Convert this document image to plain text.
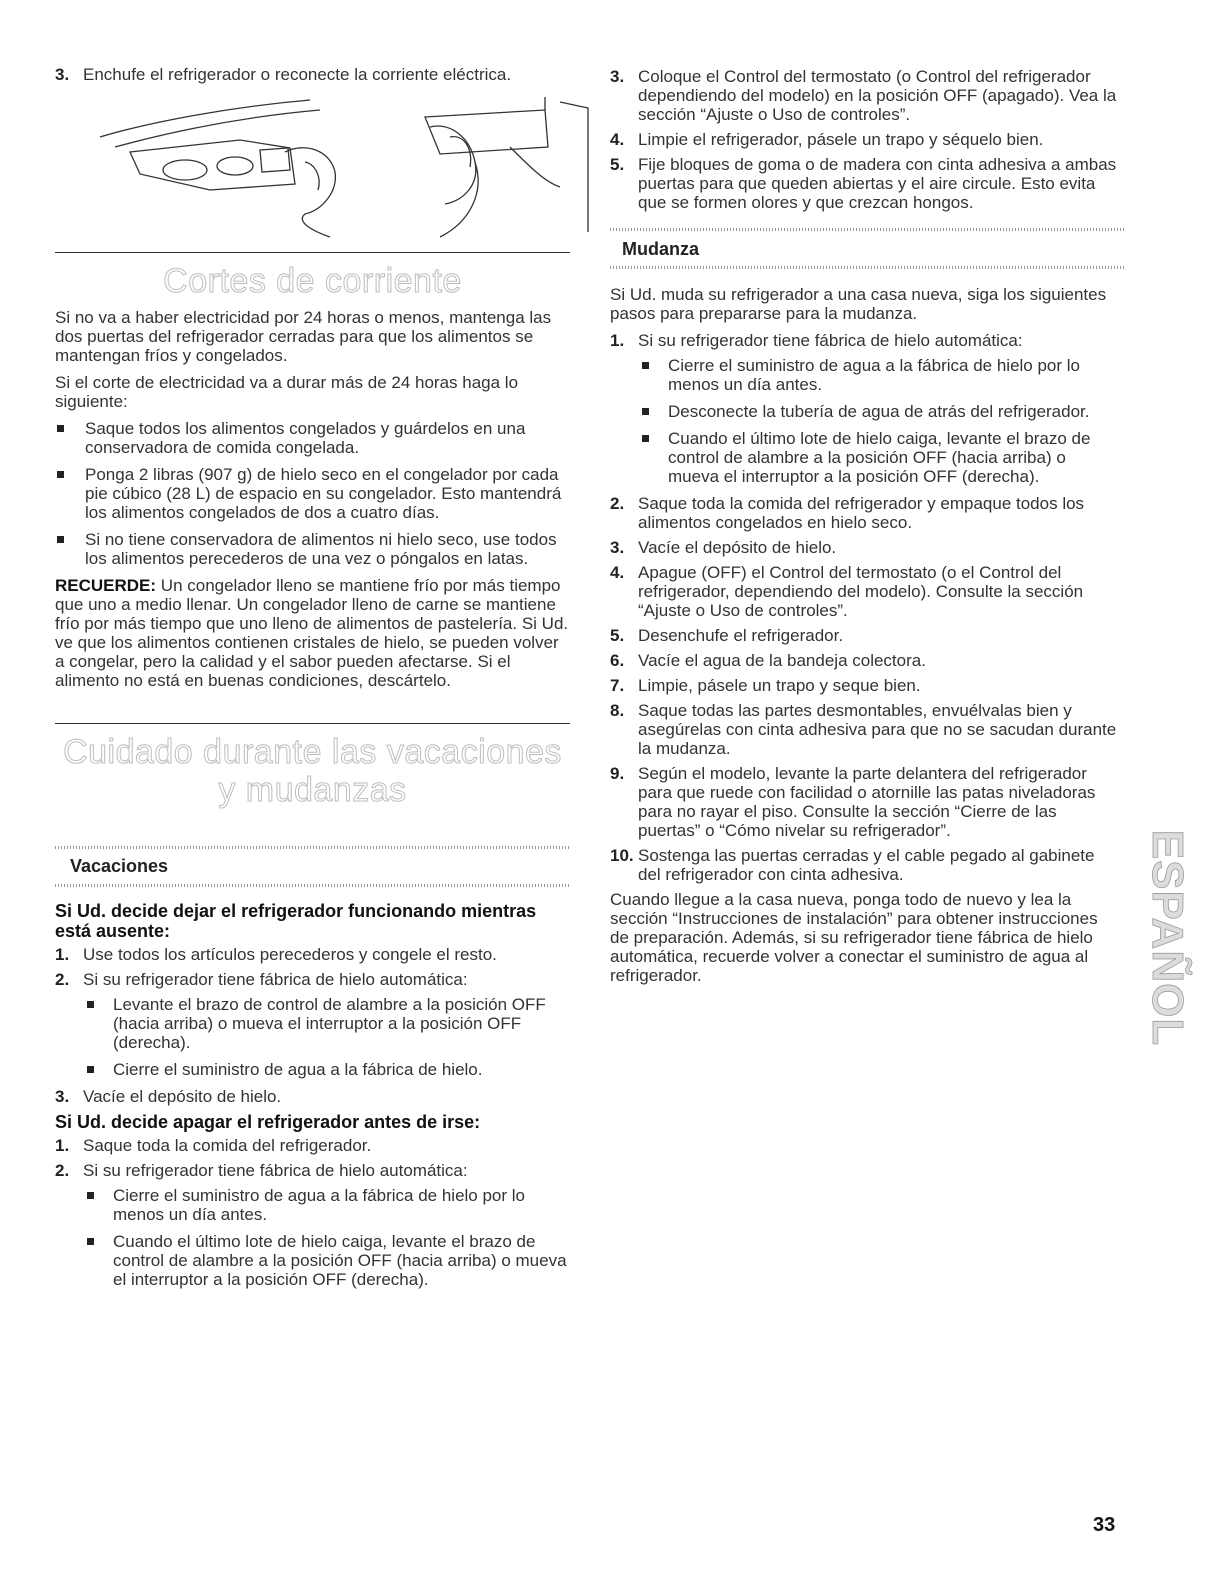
3. Enchufe el refrigerador o reconecte la corriente eléctrica.
Cortes de corriente

Si no va a haber electricidad por 24 horas o menos, mantenga las dos puertas del refrigerador cerradas para que los alimentos se mantengan fríos y congelados.

Si el corte de electricidad va a durar más de 24 horas haga lo siguiente:

Saque todos los alimentos congelados y guárdelos en una conservadora de comida congelada.
Ponga 2 libras (907 g) de hielo seco en el congelador por cada pie cúbico (28 L) de espacio en su congelador. Esto mantendrá los alimentos congelados de dos a cuatro días.
Si no tiene conservadora de alimentos ni hielo seco, use todos los alimentos perecederos de una vez o póngalos en latas.

RECUERDE: Un congelador lleno se mantiene frío por más tiempo que uno a medio llenar. Un congelador lleno de carne se mantiene frío por más tiempo que uno lleno de alimentos de pastelería. Si Ud. ve que los alimentos contienen cristales de hielo, se pueden volver a congelar, pero la calidad y el sabor pueden afectarse. Si el alimento no está en buenas condiciones, descártelo.

Cuidado durante las vacaciones y mudanzas
Vacaciones

Si Ud. decide dejar el refrigerador funcionando mientras está ausente:

1. Use todos los artículos perecederos y congele el resto.
2. Si su refrigerador tiene fábrica de hielo automática:
Levante el brazo de control de alambre a la posición OFF (hacia arriba) o mueva el interruptor a la posición OFF (derecha).
Cierre el suministro de agua a la fábrica de hielo.
3. Vacíe el depósito de hielo.

Si Ud. decide apagar el refrigerador antes de irse:

1. Saque toda la comida del refrigerador.
2. Si su refrigerador tiene fábrica de hielo automática:
Cierre el suministro de agua a la fábrica de hielo por lo menos un día antes.
Cuando el último lote de hielo caiga, levante el brazo de control de alambre a la posición OFF (hacia arriba) o mueva el interruptor a la posición OFF (derecha).
3. Coloque el Control del termostato (o Control del refrigerador dependiendo del modelo) en la posición OFF (apagado). Vea la sección “Ajuste o Uso de controles”.
4. Limpie el refrigerador, pásele un trapo y séquelo bien.
5. Fije bloques de goma o de madera con cinta adhesiva a ambas puertas para que queden abiertas y el aire circule. Esto evita que se formen olores y que crezcan hongos.
Mudanza

Si Ud. muda su refrigerador a una casa nueva, siga los siguientes pasos para prepararse para la mudanza.

1. Si su refrigerador tiene fábrica de hielo automática:
Cierre el suministro de agua a la fábrica de hielo por lo menos un día antes.
Desconecte la tubería de agua de atrás del refrigerador.
Cuando el último lote de hielo caiga, levante el brazo de control de alambre a la posición OFF (hacia arriba) o mueva el interruptor a la posición OFF (derecha).
2. Saque toda la comida del refrigerador y empaque todos los alimentos congelados en hielo seco.
3. Vacíe el depósito de hielo.
4. Apague (OFF) el Control del termostato (o el Control del refrigerador, dependiendo del modelo). Consulte la sección “Ajuste o Uso de controles”.
5. Desenchufe el refrigerador.
6. Vacíe el agua de la bandeja colectora.
7. Limpie, pásele un trapo y seque bien.
8. Saque todas las partes desmontables, envuélvalas bien y asegúrelas con cinta adhesiva para que no se sacudan durante la mudanza.
9. Según el modelo, levante la parte delantera del refrigerador para que ruede con facilidad o atornille las patas niveladoras para no rayar el piso. Consulte la sección “Cierre de las puertas” o “Cómo nivelar su refrigerador”.
10. Sostenga las puertas cerradas y el cable pegado al gabinete del refrigerador con cinta adhesiva.

Cuando llegue a la casa nueva, ponga todo de nuevo y lea la sección “Instrucciones de instalación” para obtener instrucciones de preparación. Además, si su refrigerador tiene fábrica de hielo automática, recuerde volver a conectar el suministro de agua al refrigerador.	ESPAÑOL
33
